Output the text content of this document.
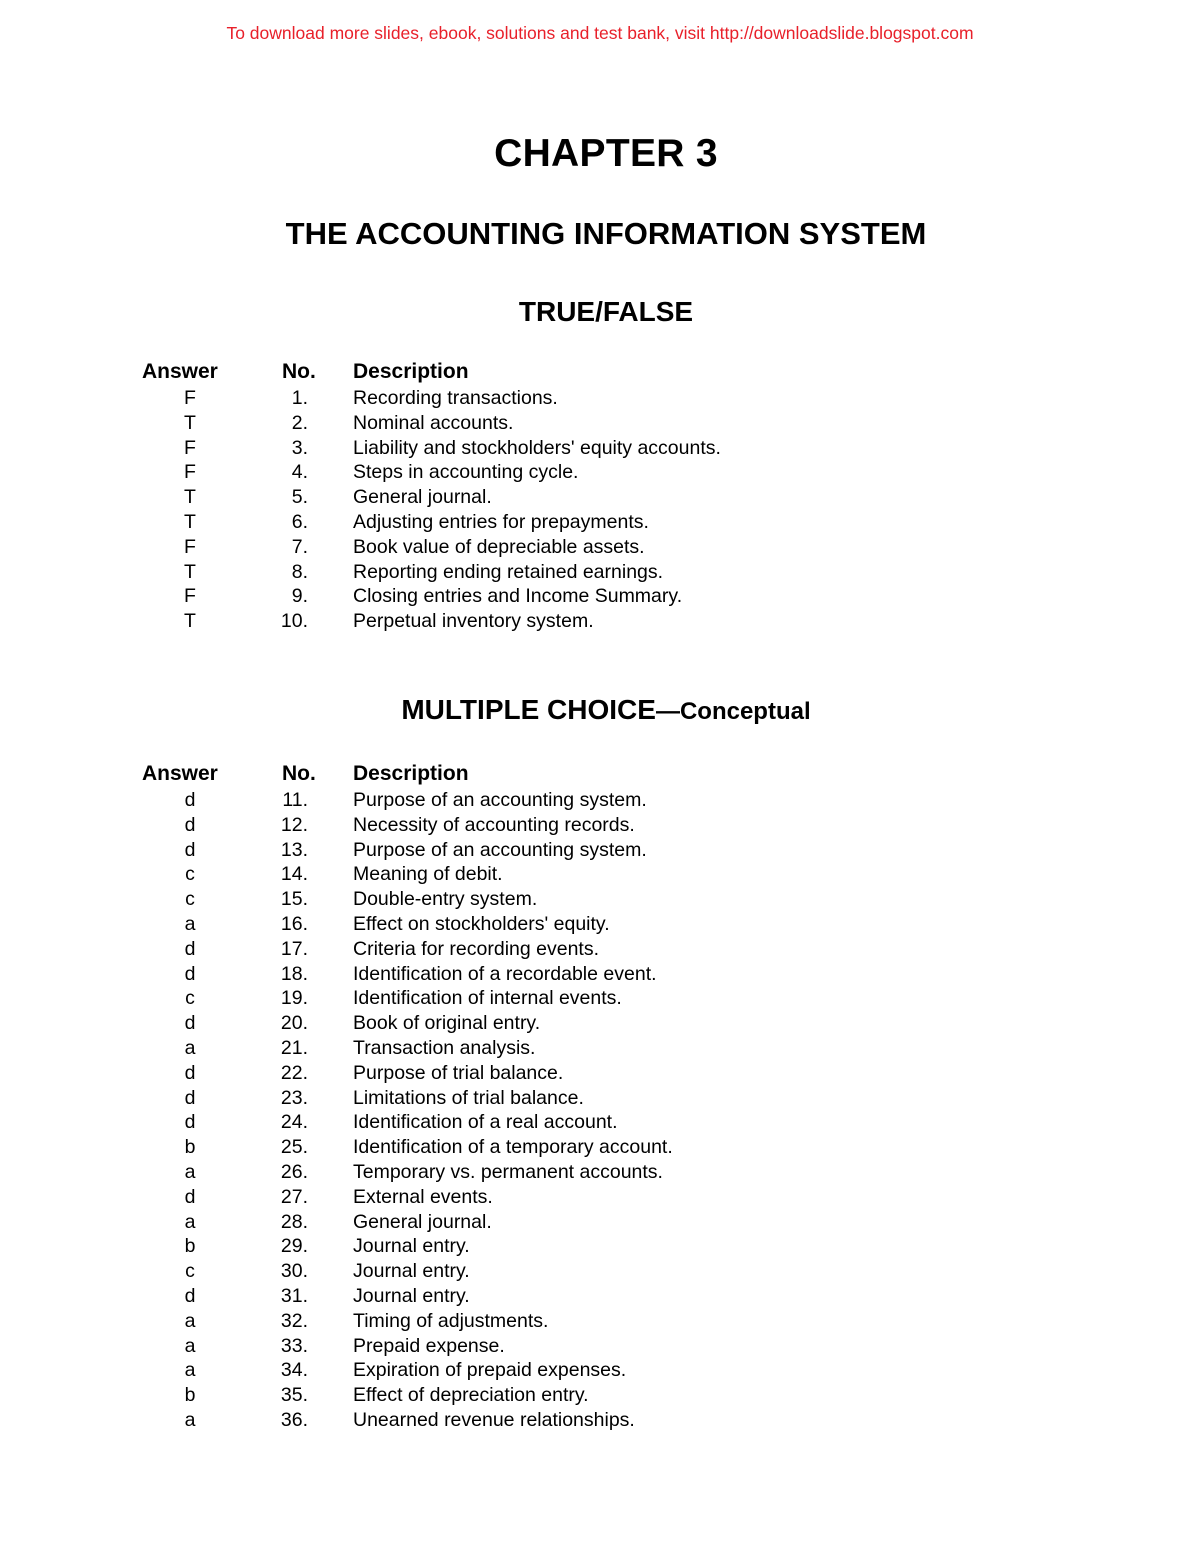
To download more slides, ebook, solutions and test bank, visit http://downloadslide.blogspot.com
CHAPTER 3
THE ACCOUNTING INFORMATION SYSTEM
TRUE/FALSE
Answer	No. Description
F	1. Recording transactions.
T	2. Nominal accounts.
F	3. Liability and stockholders' equity accounts.
F	4. Steps in accounting cycle.
T	5. General journal.
T	6. Adjusting entries for prepayments.
F	7. Book value of depreciable assets.
T	8. Reporting ending retained earnings.
F	9. Closing entries and Income Summary.
T	10. Perpetual inventory system.
MULTIPLE CHOICE—Conceptual
Answer	No. Description
d	11. Purpose of an accounting system.
d	12. Necessity of accounting records.
d	13. Purpose of an accounting system.
c	14. Meaning of debit.
c	15. Double-entry system.
a	16. Effect on stockholders' equity.
d	17. Criteria for recording events.
d	18. Identification of a recordable event.
c	19. Identification of internal events.
d	20. Book of original entry.
a	21. Transaction analysis.
d	22. Purpose of trial balance.
d	23. Limitations of trial balance.
d	24. Identification of a real account.
b	25. Identification of a temporary account.
a	26. Temporary vs. permanent accounts.
d	27. External events.
a	28. General journal.
b	29. Journal entry.
c	30. Journal entry.
d	31. Journal entry.
a	32. Timing of adjustments.
a	33. Prepaid expense.
a	34. Expiration of prepaid expenses.
b	35. Effect of depreciation entry.
a	36. Unearned revenue relationships.
